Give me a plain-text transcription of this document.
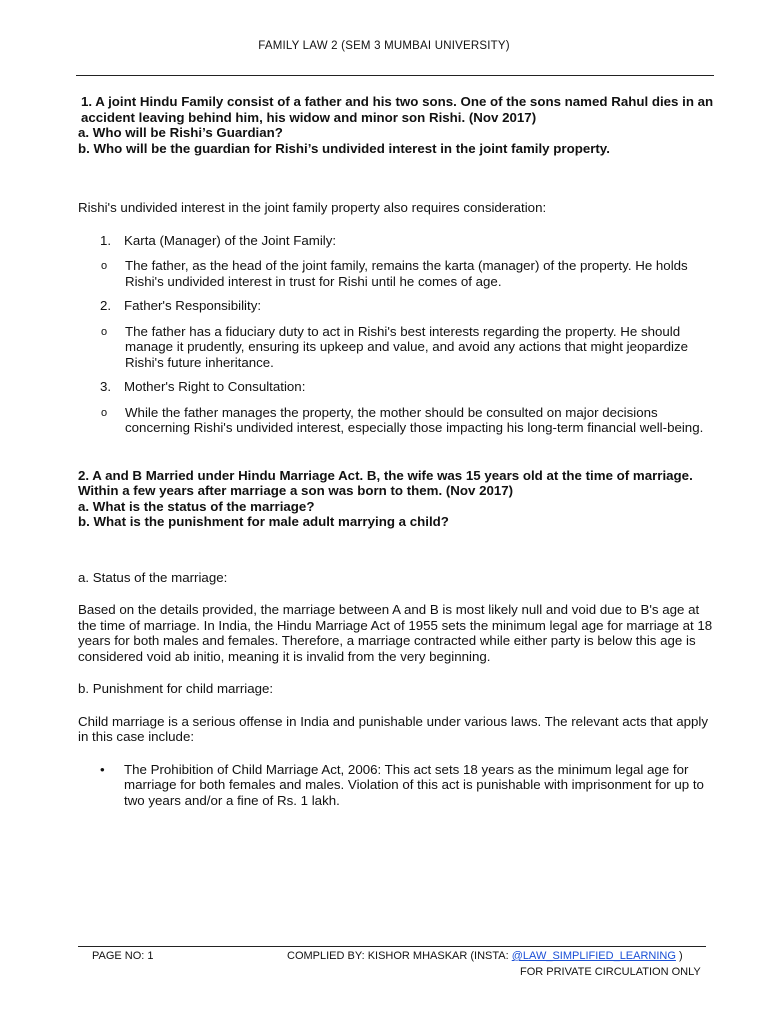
FAMILY LAW 2 (SEM 3 MUMBAI UNIVERSITY)
1. A joint Hindu Family consist of a father and his two sons. One of the sons named Rahul dies in an accident leaving behind him, his widow and minor son Rishi. (Nov 2017)
a. Who will be Rishi’s Guardian?
b. Who will be the guardian for Rishi’s undivided interest in the joint family property.

Rishi's undivided interest in the joint family property also requires consideration:

1. Karta (Manager) of the Joint Family:
o The father, as the head of the joint family, remains the karta (manager) of the property. He holds Rishi's undivided interest in trust for Rishi until he comes of age.
2. Father's Responsibility:
o The father has a fiduciary duty to act in Rishi's best interests regarding the property. He should manage it prudently, ensuring its upkeep and value, and avoid any actions that might jeopardize Rishi's future inheritance.
3. Mother's Right to Consultation:
o While the father manages the property, the mother should be consulted on major decisions concerning Rishi's undivided interest, especially those impacting his long-term financial well-being.
2. A and B Married under Hindu Marriage Act. B, the wife was 15 years old at the time of marriage. Within a few years after marriage a son was born to them. (Nov 2017)
a. What is the status of the marriage?
b. What is the punishment for male adult marrying a child?

a. Status of the marriage:

Based on the details provided, the marriage between A and B is most likely null and void due to B's age at the time of marriage. In India, the Hindu Marriage Act of 1955 sets the minimum legal age for marriage at 18 years for both males and females. Therefore, a marriage contracted while either party is below this age is considered void ab initio, meaning it is invalid from the very beginning.

b. Punishment for child marriage:

Child marriage is a serious offense in India and punishable under various laws. The relevant acts that apply in this case include:

• The Prohibition of Child Marriage Act, 2006: This act sets 18 years as the minimum legal age for marriage for both females and males. Violation of this act is punishable with imprisonment for up to two years and/or a fine of Rs. 1 lakh.
PAGE NO: 1	COMPLIED BY: KISHOR MHASKAR (INSTA: @LAW_SIMPLIFIED_LEARNING )
FOR PRIVATE CIRCULATION ONLY
